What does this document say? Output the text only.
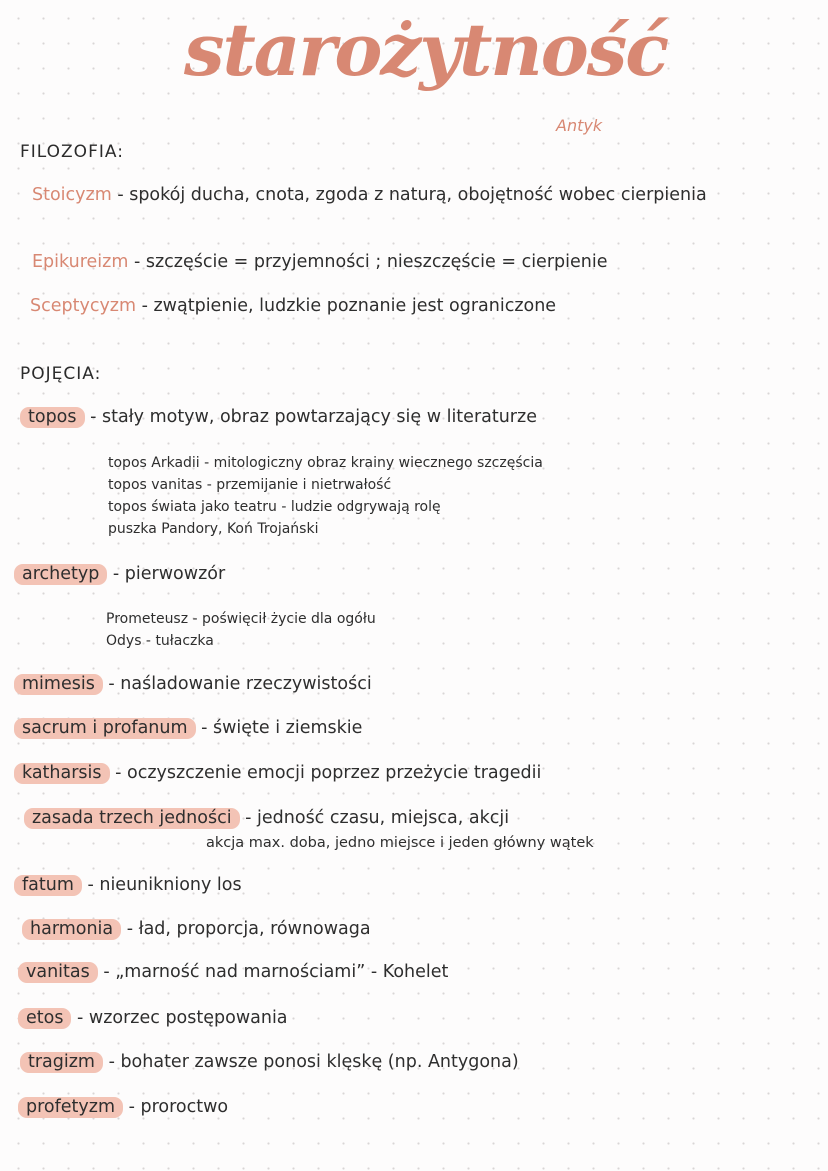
starożytność
Antyk
FILOZOFIA:
Stoicyzm - spokój ducha, cnota, zgoda z naturą, obojętność wobec cierpienia
Epikureizm - szczęście = przyjemności ; nieszczęście = cierpienie
Sceptycyzm - zwątpienie, ludzkie poznanie jest ograniczone
POJĘCIA:
topos - stały motyw, obraz powtarzający się w literaturze
topos Arkadii - mitologiczny obraz krainy wiecznego szczęścia
topos vanitas - przemijanie i nietrwałość
topos świata jako teatru - ludzie odgrywają rolę
puszka Pandory, Koń Trojański
archetyp - pierwowzór
Prometeusz - poświęcił życie dla ogółu
Odys - tułaczka
mimesis - naśladowanie rzeczywistości
sacrum i profanum - święte i ziemskie
katharsis - oczyszczenie emocji poprzez przeżycie tragedii
zasada trzech jedności - jedność czasu, miejsca, akcji
akcja max. doba, jedno miejsce i jeden główny wątek
fatum - nieunikniony los
harmonia - ład, proporcja, równowaga
vanitas - „marność nad marnościami” - Kohelet
etos - wzorzec postępowania
tragizm - bohater zawsze ponosi klęskę (np. Antygona)
profetyzm - proroctwo
